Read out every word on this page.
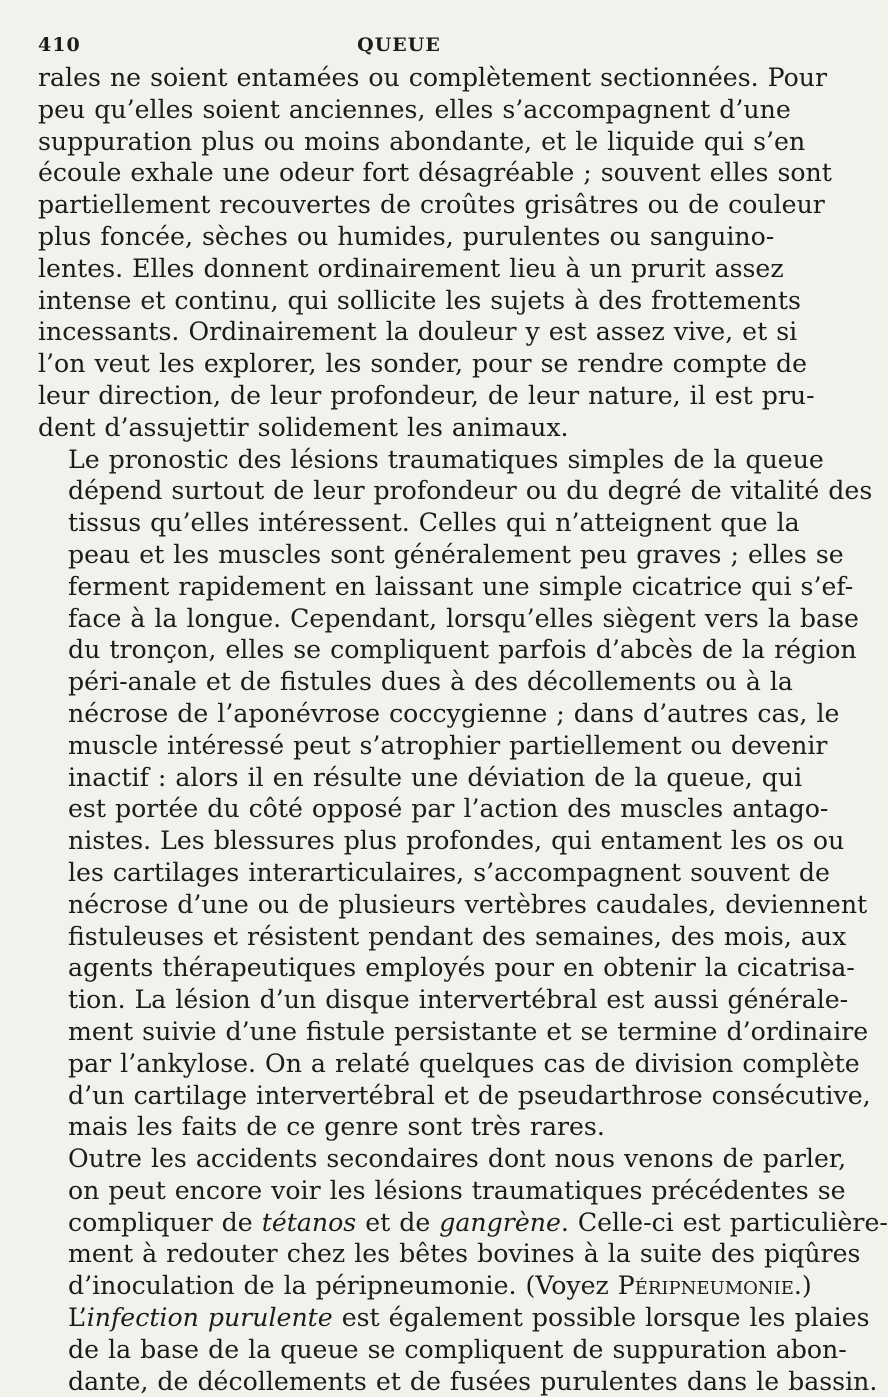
410	QUEUE

rales ne soient entamées ou complètement sectionnées. Pour
peu qu’elles soient anciennes, elles s’accompagnent d’une
suppuration plus ou moins abondante, et le liquide qui s’en
écoule exhale une odeur fort désagréable ; souvent elles sont
partiellement recouvertes de croûtes grisâtres ou de couleur
plus foncée, sèches ou humides, purulentes ou sanguino-
lentes. Elles donnent ordinairement lieu à un prurit assez
intense et continu, qui sollicite les sujets à des frottements
incessants. Ordinairement la douleur y est assez vive, et si
l’on veut les explorer, les sonder, pour se rendre compte de
leur direction, de leur profondeur, de leur nature, il est pru-
dent d’assujettir solidement les animaux.

Le pronostic des lésions traumatiques simples de la queue
dépend surtout de leur profondeur ou du degré de vitalité des
tissus qu’elles intéressent. Celles qui n’atteignent que la
peau et les muscles sont généralement peu graves ; elles se
ferment rapidement en laissant une simple cicatrice qui s’ef-
face à la longue. Cependant, lorsqu’elles siègent vers la base
du tronçon, elles se compliquent parfois d’abcès de la région
péri-anale et de fistules dues à des décollements ou à la
nécrose de l’aponévrose coccygienne ; dans d’autres cas, le
muscle intéressé peut s’atrophier partiellement ou devenir
inactif : alors il en résulte une déviation de la queue, qui
est portée du côté opposé par l’action des muscles antago-
nistes. Les blessures plus profondes, qui entament les os ou
les cartilages interarticulaires, s’accompagnent souvent de
nécrose d’une ou de plusieurs vertèbres caudales, deviennent
fistuleuses et résistent pendant des semaines, des mois, aux
agents thérapeutiques employés pour en obtenir la cicatrisa-
tion. La lésion d’un disque intervertébral est aussi générale-
ment suivie d’une fistule persistante et se termine d’ordinaire
par l’ankylose. On a relaté quelques cas de division complète
d’un cartilage intervertébral et de pseudarthrose consécutive,
mais les faits de ce genre sont très rares.

Outre les accidents secondaires dont nous venons de parler,
on peut encore voir les lésions traumatiques précédentes se
compliquer de tétanos et de gangrène. Celle-ci est particulière-
ment à redouter chez les bêtes bovines à la suite des piqûres
d’inoculation de la péripneumonie. (Voyez Péripneumonie.)
L’infection purulente est également possible lorsque les plaies
de la base de la queue se compliquent de suppuration abon-
dante, de décollements et de fusées purulentes dans le bassin.
